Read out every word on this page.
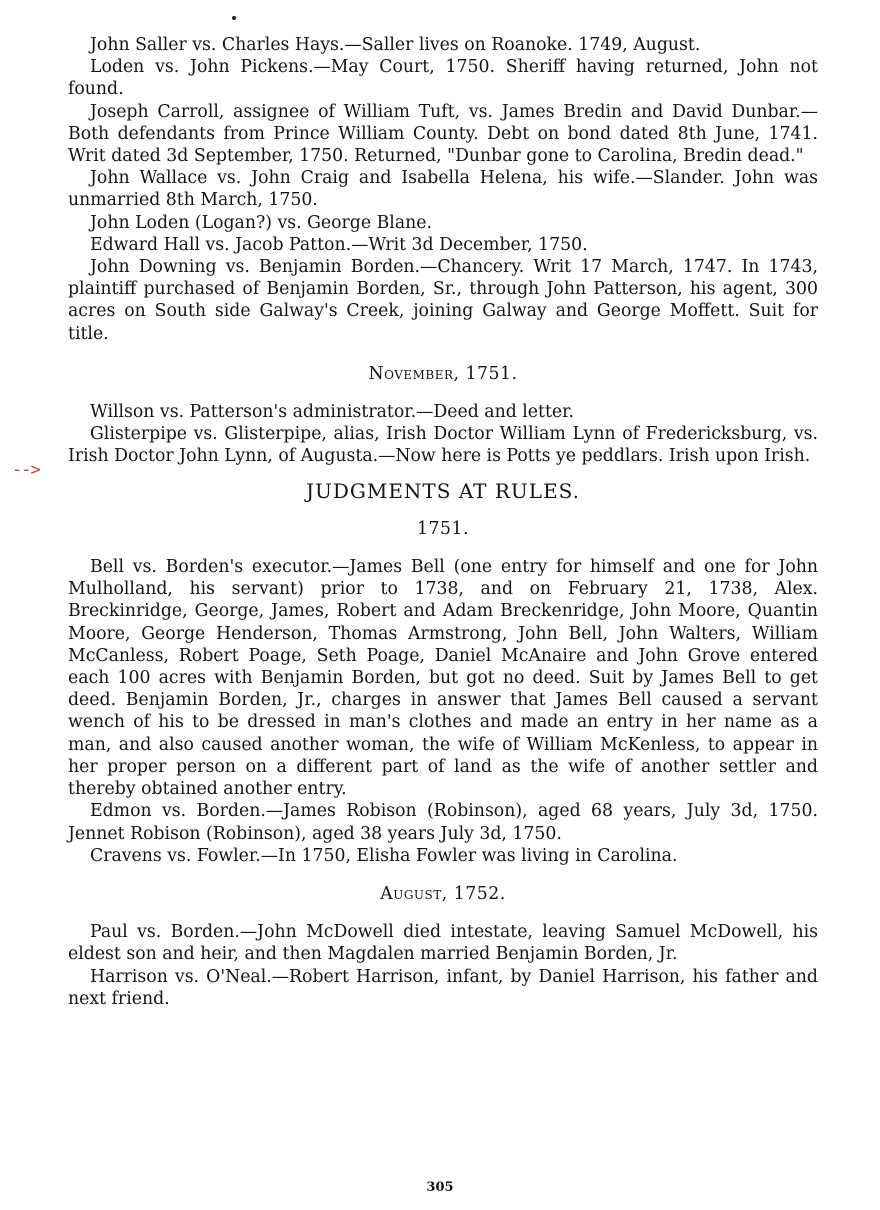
-->

John Saller vs. Charles Hays.—Saller lives on Roanoke. 1749, August.

Loden vs. John Pickens.—May Court, 1750. Sheriff having returned, John not found.

Joseph Carroll, assignee of William Tuft, vs. James Bredin and David Dunbar.—Both defendants from Prince William County. Debt on bond dated 8th June, 1741. Writ dated 3d September, 1750. Returned, "Dunbar gone to Carolina, Bredin dead."

John Wallace vs. John Craig and Isabella Helena, his wife.—Slander. John was unmarried 8th March, 1750.

John Loden (Logan?) vs. George Blane.

Edward Hall vs. Jacob Patton.—Writ 3d December, 1750.

John Downing vs. Benjamin Borden.—Chancery. Writ 17 March, 1747. In 1743, plaintiff purchased of Benjamin Borden, Sr., through John Patterson, his agent, 300 acres on South side Galway's Creek, joining Galway and George Moffett. Suit for title.

November, 1751.

Willson vs. Patterson's administrator.—Deed and letter.

Glisterpipe vs. Glisterpipe, alias, Irish Doctor William Lynn of Fredericksburg, vs. Irish Doctor John Lynn, of Augusta.—Now here is Potts ye peddlars. Irish upon Irish.

JUDGMENTS AT RULES.
1751.

Bell vs. Borden's executor.—James Bell (one entry for himself and one for John Mulholland, his servant) prior to 1738, and on February 21, 1738, Alex. Breckinridge, George, James, Robert and Adam Breckenridge, John Moore, Quantin Moore, George Henderson, Thomas Armstrong, John Bell, John Walters, William McCanless, Robert Poage, Seth Poage, Daniel McAnaire and John Grove entered each 100 acres with Benjamin Borden, but got no deed. Suit by James Bell to get deed. Benjamin Borden, Jr., charges in answer that James Bell caused a servant wench of his to be dressed in man's clothes and made an entry in her name as a man, and also caused another woman, the wife of William McKenless, to appear in her proper person on a different part of land as the wife of another settler and thereby obtained another entry.

Edmon vs. Borden.—James Robison (Robinson), aged 68 years, July 3d, 1750. Jennet Robison (Robinson), aged 38 years July 3d, 1750.

Cravens vs. Fowler.—In 1750, Elisha Fowler was living in Carolina.

August, 1752.

Paul vs. Borden.—John McDowell died intestate, leaving Samuel McDowell, his eldest son and heir, and then Magdalen married Benjamin Borden, Jr.

Harrison vs. O'Neal.—Robert Harrison, infant, by Daniel Harrison, his father and next friend.

305
